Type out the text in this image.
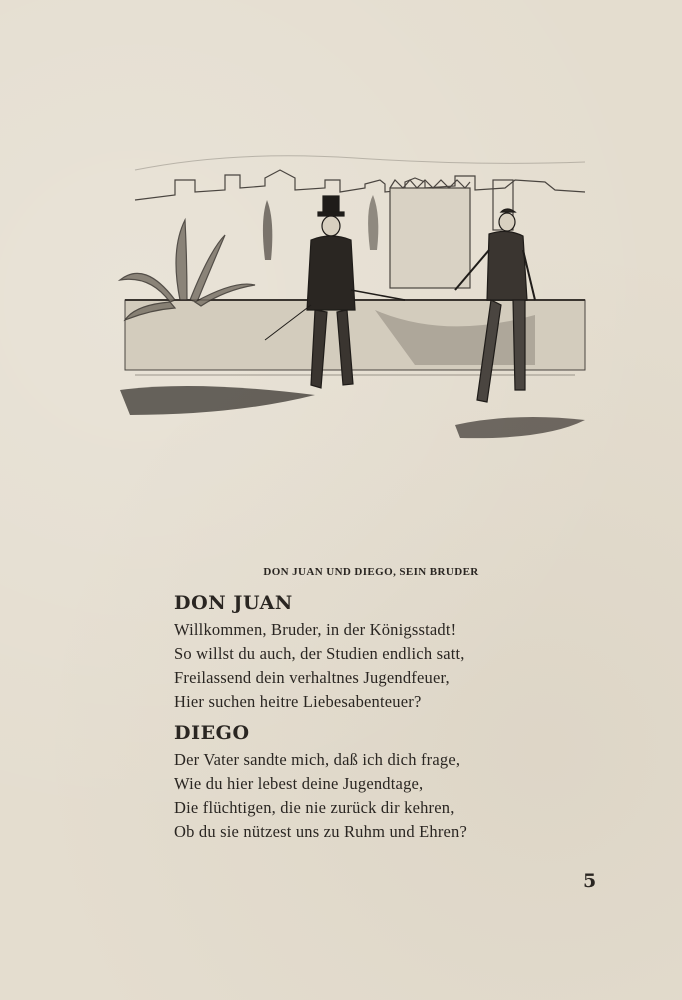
DON JUAN UND DIEGO, SEIN BRUDER

DON JUAN

Willkommen, Bruder, in der Königsstadt!

So willst du auch, der Studien endlich satt,

Freilassend dein verhaltnes Jugendfeuer,

Hier suchen heitre Liebesabenteuer?

DIEGO

Der Vater sandte mich, daß ich dich frage,

Wie du hier lebest deine Jugendtage,

Die flüchtigen, die nie zurück dir kehren,

Ob du sie nützest uns zu Ruhm und Ehren?

5
